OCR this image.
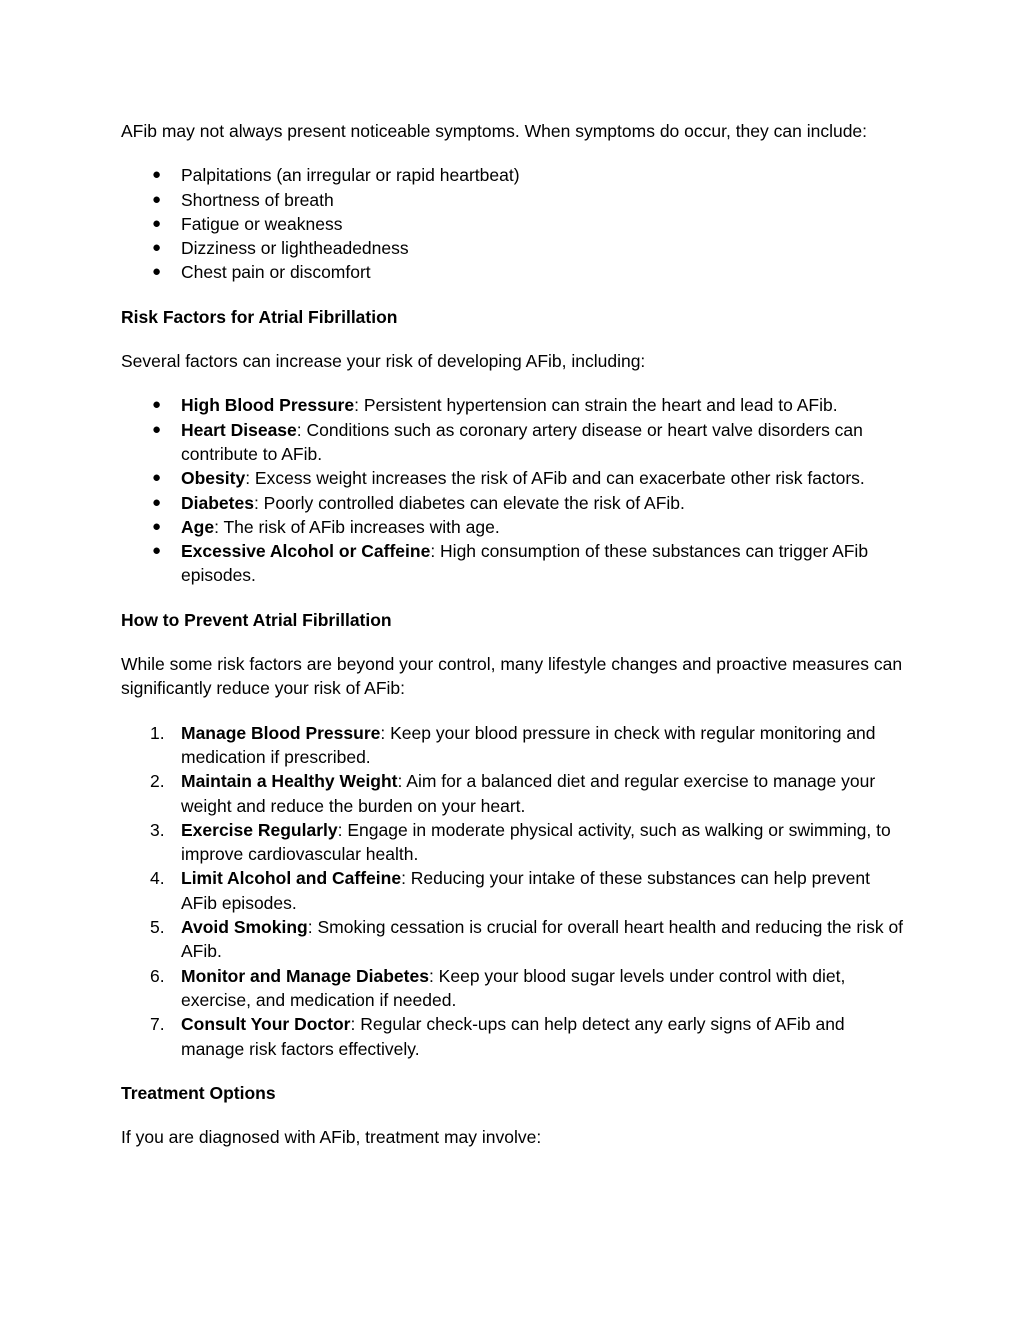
AFib may not always present noticeable symptoms. When symptoms do occur, they can include:

● Palpitations (an irregular or rapid heartbeat)
● Shortness of breath
● Fatigue or weakness
● Dizziness or lightheadedness
● Chest pain or discomfort

Risk Factors for Atrial Fibrillation

Several factors can increase your risk of developing AFib, including:

● High Blood Pressure: Persistent hypertension can strain the heart and lead to AFib.
● Heart Disease: Conditions such as coronary artery disease or heart valve disorders can contribute to AFib.
● Obesity: Excess weight increases the risk of AFib and can exacerbate other risk factors.
● Diabetes: Poorly controlled diabetes can elevate the risk of AFib.
● Age: The risk of AFib increases with age.
● Excessive Alcohol or Caffeine: High consumption of these substances can trigger AFib episodes.

How to Prevent Atrial Fibrillation

While some risk factors are beyond your control, many lifestyle changes and proactive measures can significantly reduce your risk of AFib:

1. Manage Blood Pressure: Keep your blood pressure in check with regular monitoring and medication if prescribed.
2. Maintain a Healthy Weight: Aim for a balanced diet and regular exercise to manage your weight and reduce the burden on your heart.
3. Exercise Regularly: Engage in moderate physical activity, such as walking or swimming, to improve cardiovascular health.
4. Limit Alcohol and Caffeine: Reducing your intake of these substances can help prevent AFib episodes.
5. Avoid Smoking: Smoking cessation is crucial for overall heart health and reducing the risk of AFib.
6. Monitor and Manage Diabetes: Keep your blood sugar levels under control with diet, exercise, and medication if needed.
7. Consult Your Doctor: Regular check-ups can help detect any early signs of AFib and manage risk factors effectively.

Treatment Options

If you are diagnosed with AFib, treatment may involve:
